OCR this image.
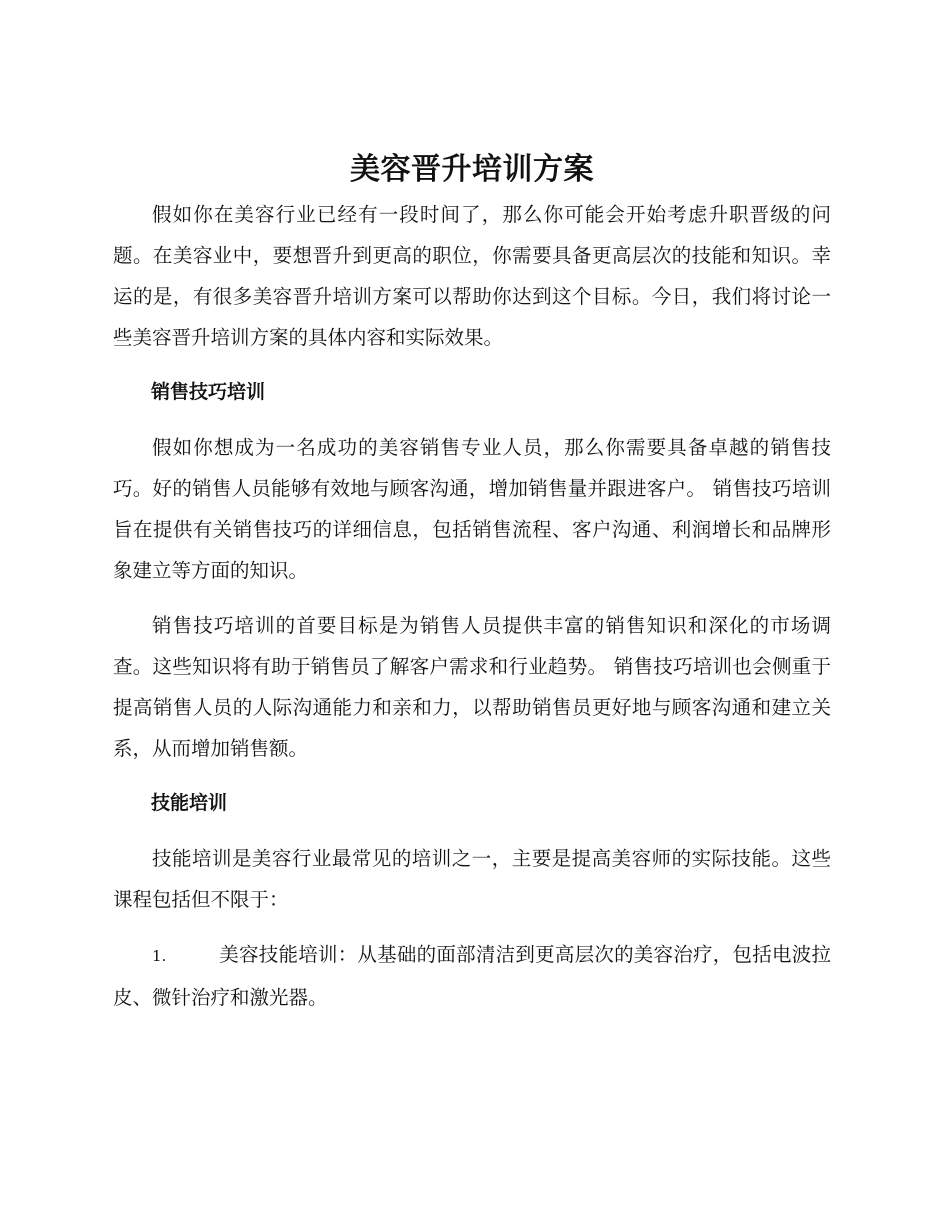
美容晋升培训方案

假如你在美容行业已经有一段时间了，那么你可能会开始考虑升职晋级的问题。在美容业中，要想晋升到更高的职位，你需要具备更高层次的技能和知识。幸运的是，有很多美容晋升培训方案可以帮助你达到这个目标。今日，我们将讨论一些美容晋升培训方案的具体内容和实际效果。

销售技巧培训

假如你想成为一名成功的美容销售专业人员，那么你需要具备卓越的销售技巧。好的销售人员能够有效地与顾客沟通，增加销售量并跟进客户。 销售技巧培训旨在提供有关销售技巧的详细信息，包括销售流程、客户沟通、利润增长和品牌形象建立等方面的知识。

销售技巧培训的首要目标是为销售人员提供丰富的销售知识和深化的市场调查。这些知识将有助于销售员了解客户需求和行业趋势。 销售技巧培训也会侧重于提高销售人员的人际沟通能力和亲和力，以帮助销售员更好地与顾客沟通和建立关系，从而增加销售额。

技能培训

技能培训是美容行业最常见的培训之一，主要是提高美容师的实际技能。这些课程包括但不限于：

1.	美容技能培训：从基础的面部清洁到更高层次的美容治疗，包括电波拉皮、微针治疗和激光器。
